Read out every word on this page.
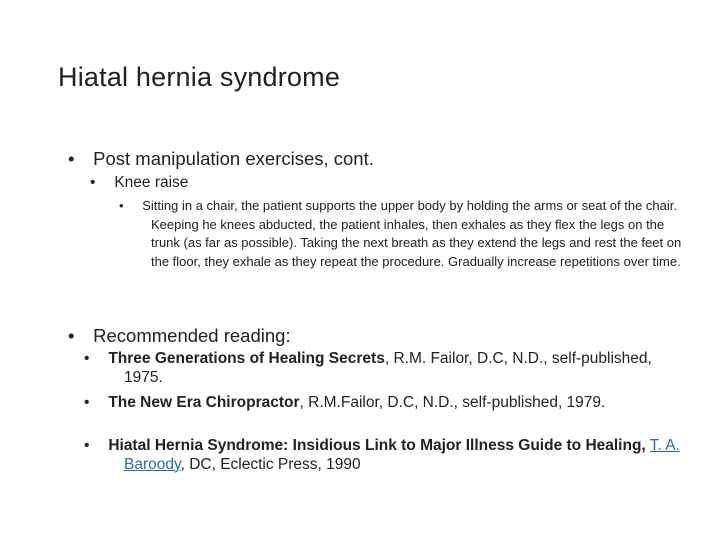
Hiatal hernia syndrome

• Post manipulation exercises, cont.

• Knee raise

• Sitting in a chair, the patient supports the upper body by holding the arms or seat of the chair. Keeping he knees abducted, the patient inhales, then exhales as they flex the legs on the trunk (as far as possible). Taking the next breath as they extend the legs and rest the feet on the floor, they exhale as they repeat the procedure. Gradually increase repetitions over time.

• Recommended reading:

• Three Generations of Healing Secrets, R.M. Failor, D.C, N.D., self-published, 1975.

• The New Era Chiropractor, R.M.Failor, D.C, N.D., self-published, 1979.

• Hiatal Hernia Syndrome: Insidious Link to Major Illness Guide to Healing, T. A. Baroody, DC, Eclectic Press, 1990
